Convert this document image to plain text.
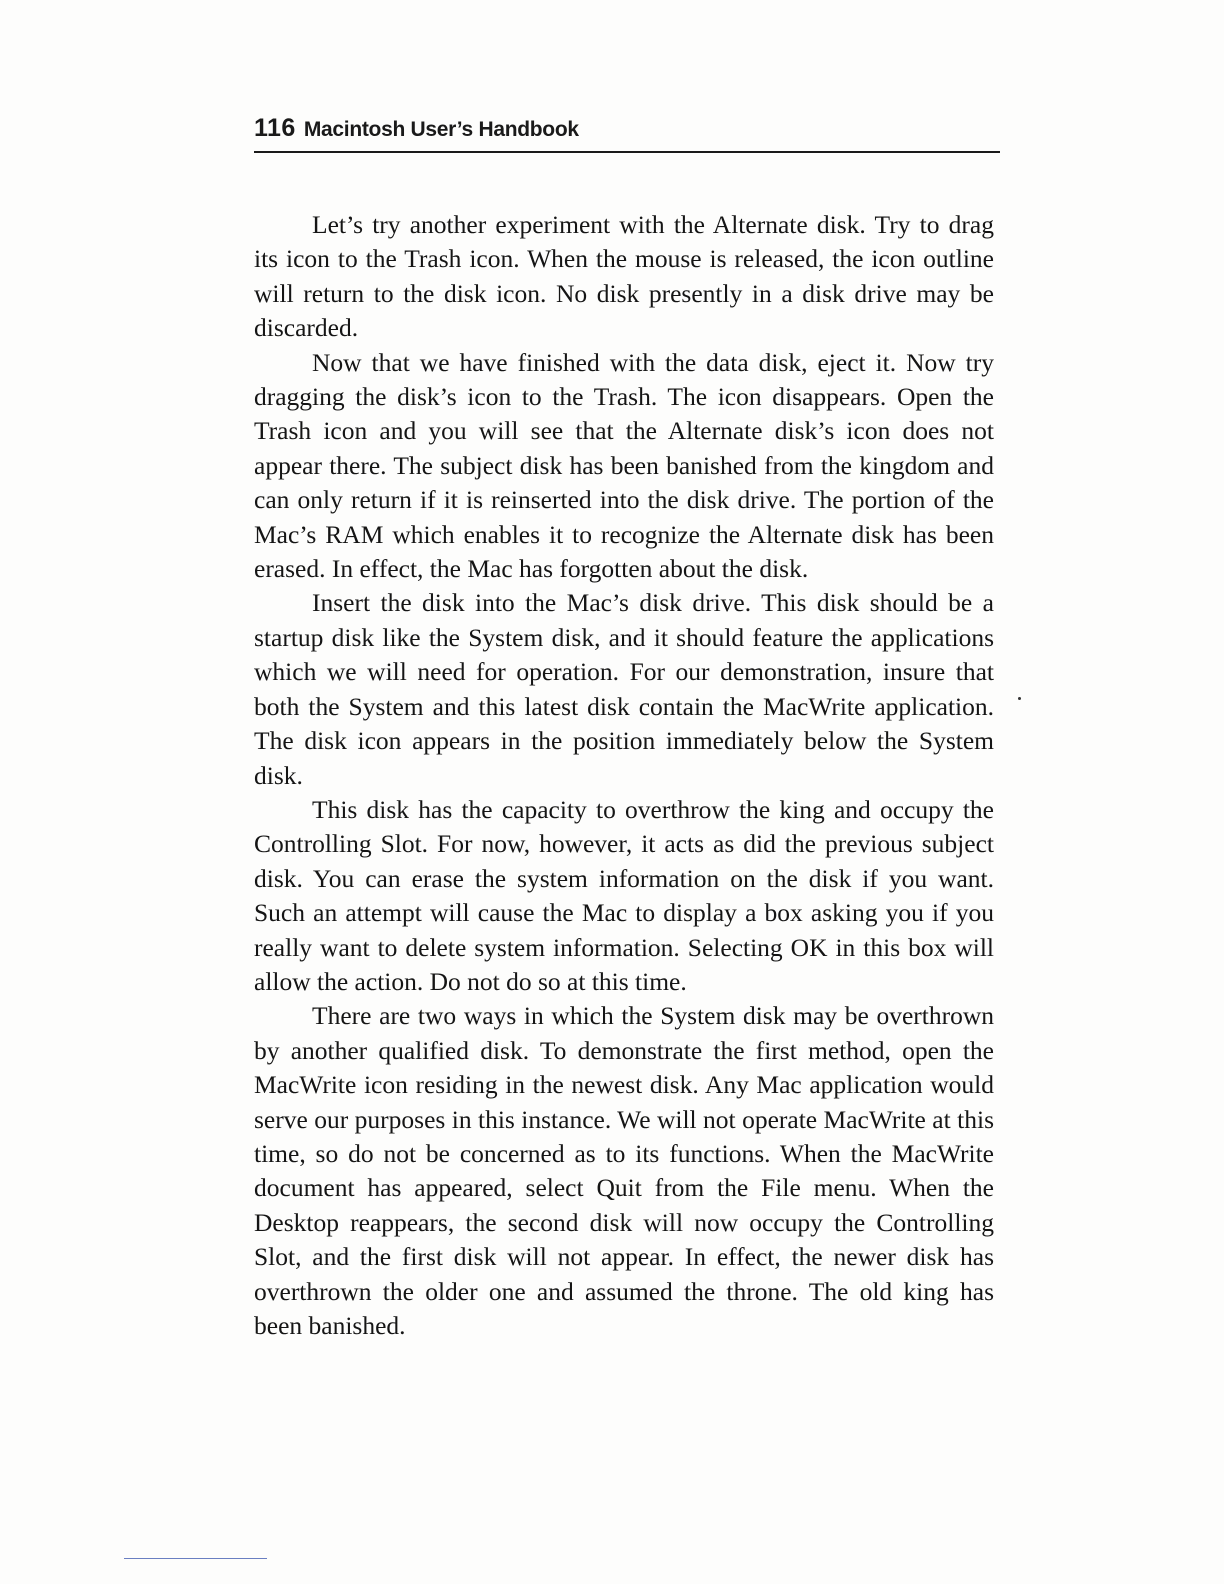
116 Macintosh User’s Handbook

Let’s try another experiment with the Alternate disk. Try to drag its icon to the Trash icon. When the mouse is released, the icon outline will return to the disk icon. No disk presently in a disk drive may be discarded.

Now that we have finished with the data disk, eject it. Now try dragging the disk’s icon to the Trash. The icon disappears. Open the Trash icon and you will see that the Alternate disk’s icon does not appear there. The subject disk has been banished from the kingdom and can only return if it is reinserted into the disk drive. The portion of the Mac’s RAM which enables it to recognize the Alternate disk has been erased. In effect, the Mac has forgotten about the disk.

Insert the disk into the Mac’s disk drive. This disk should be a startup disk like the System disk, and it should feature the applications which we will need for operation. For our demonstration, insure that both the System and this latest disk contain the MacWrite application. The disk icon appears in the position immediately below the System disk.

This disk has the capacity to overthrow the king and occupy the Controlling Slot. For now, however, it acts as did the previous subject disk. You can erase the system information on the disk if you want. Such an attempt will cause the Mac to display a box asking you if you really want to delete system information. Selecting OK in this box will allow the action. Do not do so at this time.

There are two ways in which the System disk may be overthrown by another qualified disk. To demonstrate the first method, open the MacWrite icon residing in the newest disk. Any Mac application would serve our purposes in this instance. We will not operate MacWrite at this time, so do not be concerned as to its functions. When the MacWrite document has appeared, select Quit from the File menu. When the Desktop reappears, the second disk will now occupy the Controlling Slot, and the first disk will not appear. In effect, the newer disk has overthrown the older one and assumed the throne. The old king has been banished.
